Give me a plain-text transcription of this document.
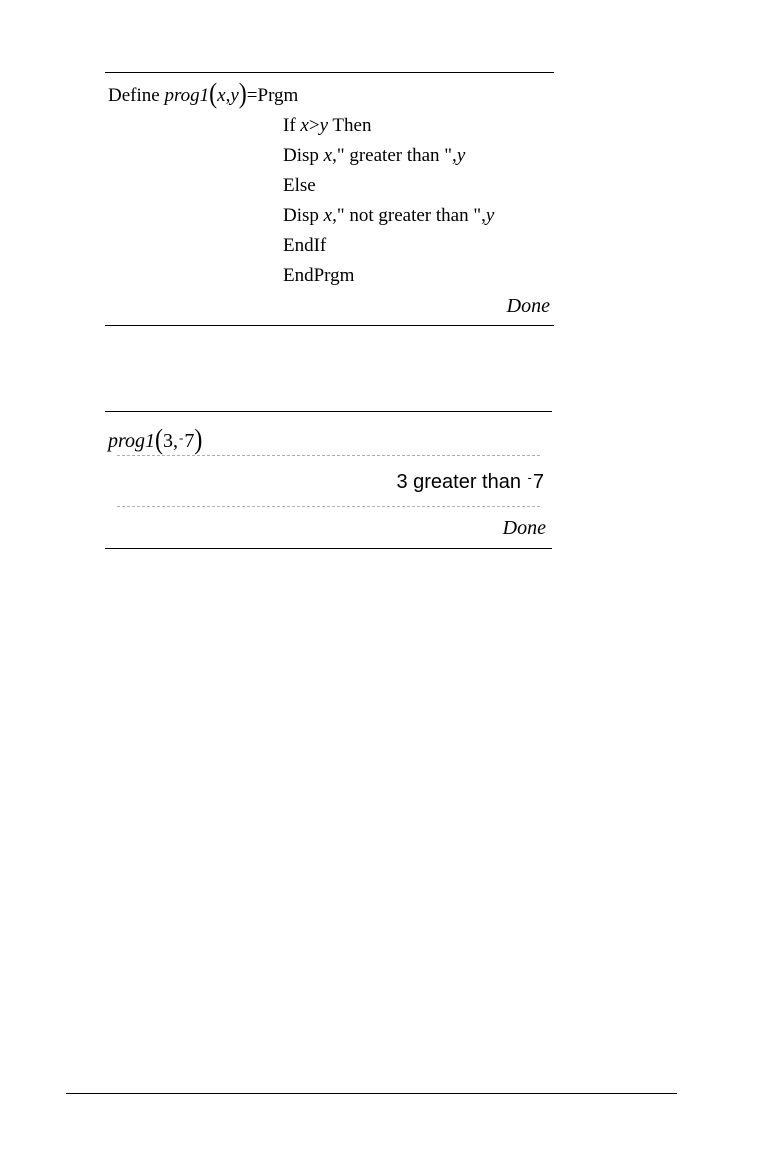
Define prog1(x,y)=Prgm
If x>y Then
Disp x," greater than ",y
Else
Disp x," not greater than ",y
EndIf
EndPrgm
Done
prog1(3,-7)
3 greater than -7
Done
